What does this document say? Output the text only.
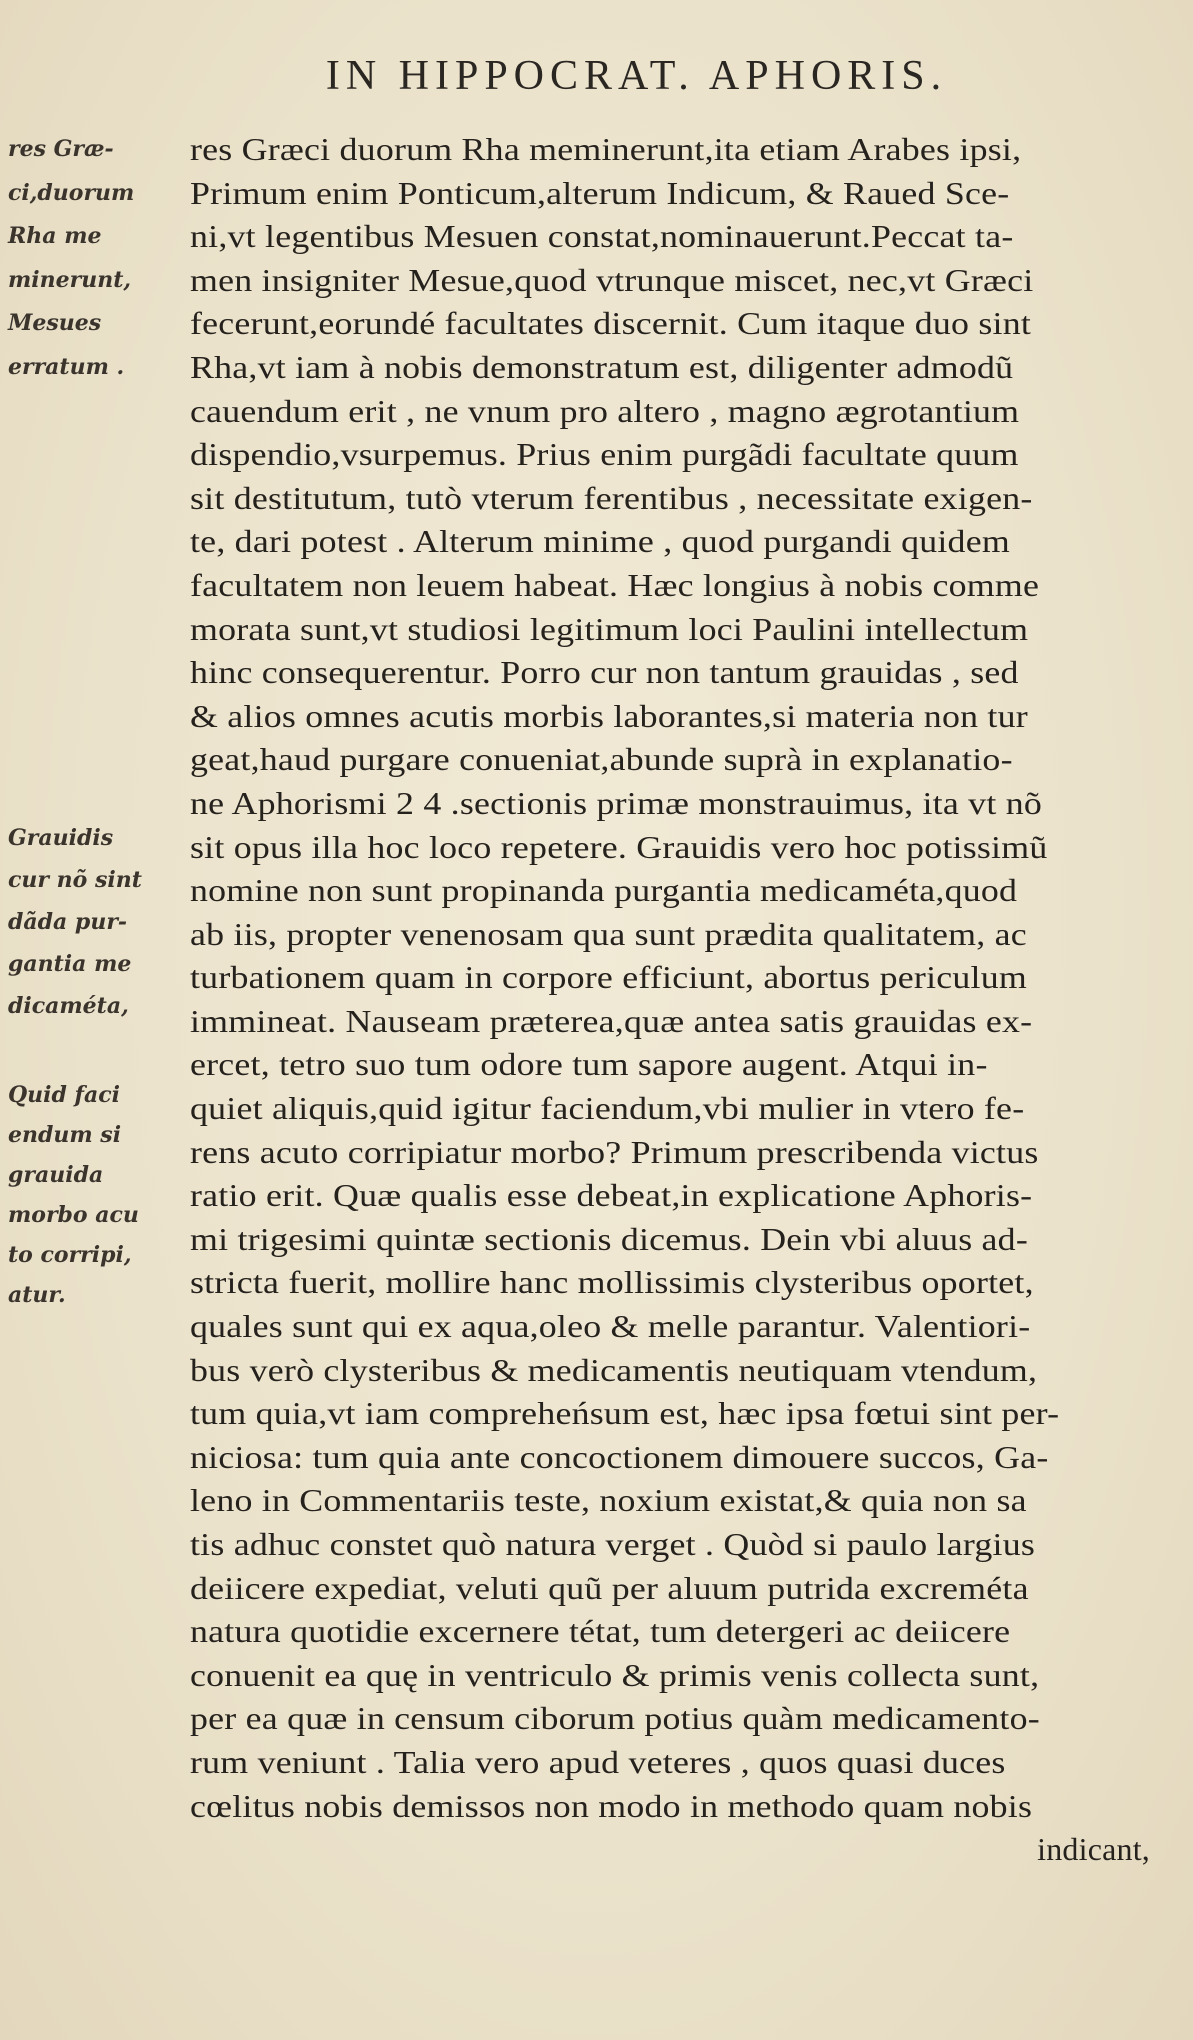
IN HIPPOCRAT. APHORIS.
res Græ-
ci,duorum
Rha me
minerunt,
Mesues
erratum .
Grauidis
cur nõ sint
dãda pur-
gantia me
dicaméta,
Quid faci
endum si
grauida
morbo acu
to corripi,
atur.
res Græci duorum Rha meminerunt,ita etiam Arabes ipsi,
Primum enim Ponticum,alterum Indicum, & Raued Sce-
ni,vt legentibus Mesuen constat,nominauerunt.Peccat ta-
men insigniter Mesue,quod vtrunque miscet, nec,vt Græci
fecerunt,eorundé facultates discernit. Cum itaque duo sint
Rha,vt iam à nobis demonstratum est, diligenter admodũ
cauendum erit , ne vnum pro altero , magno ægrotantium
dispendio,vsurpemus. Prius enim purgãdi facultate quum
sit destitutum, tutò vterum ferentibus , necessitate exigen-
te, dari potest . Alterum minime , quod purgandi quidem
facultatem non leuem habeat. Hæc longius à nobis comme
morata sunt,vt studiosi legitimum loci Paulini intellectum
hinc consequerentur. Porro cur non tantum grauidas , sed
& alios omnes acutis morbis laborantes,si materia non tur
geat,haud purgare conueniat,abunde suprà in explanatio-
ne Aphorismi 2 4 .sectionis primæ monstrauimus, ita vt nõ
sit opus illa hoc loco repetere. Grauidis vero hoc potissimũ
nomine non sunt propinanda purgantia medicaméta,quod
ab iis, propter venenosam qua sunt prædita qualitatem, ac
turbationem quam in corpore efficiunt, abortus periculum
immineat. Nauseam præterea,quæ antea satis grauidas ex-
ercet, tetro suo tum odore tum sapore augent. Atqui in-
quiet aliquis,quid igitur faciendum,vbi mulier in vtero fe-
rens acuto corripiatur morbo? Primum prescribenda victus
ratio erit. Quæ qualis esse debeat,in explicatione Aphoris-
mi trigesimi quintæ sectionis dicemus. Dein vbi aluus ad-
stricta fuerit, mollire hanc mollissimis clysteribus oportet,
quales sunt qui ex aqua,oleo & melle parantur. Valentiori-
bus verò clysteribus & medicamentis neutiquam vtendum,
tum quia,vt iam compreheńsum est, hæc ipsa fœtui sint per-
niciosa: tum quia ante concoctionem dimouere succos, Ga-
leno in Commentariis teste, noxium existat,& quia non sa
tis adhuc constet quò natura verget . Quòd si paulo largius
deiicere expediat, veluti quũ per aluum putrida excreméta
natura quotidie excernere tétat, tum detergeri ac deiicere
conuenit ea quę in ventriculo & primis venis collecta sunt,
per ea quæ in censum ciborum potius quàm medicamento-
rum veniunt . Talia vero apud veteres , quos quasi duces
cœlitus nobis demissos non modo in methodo quam nobis
indicant,
